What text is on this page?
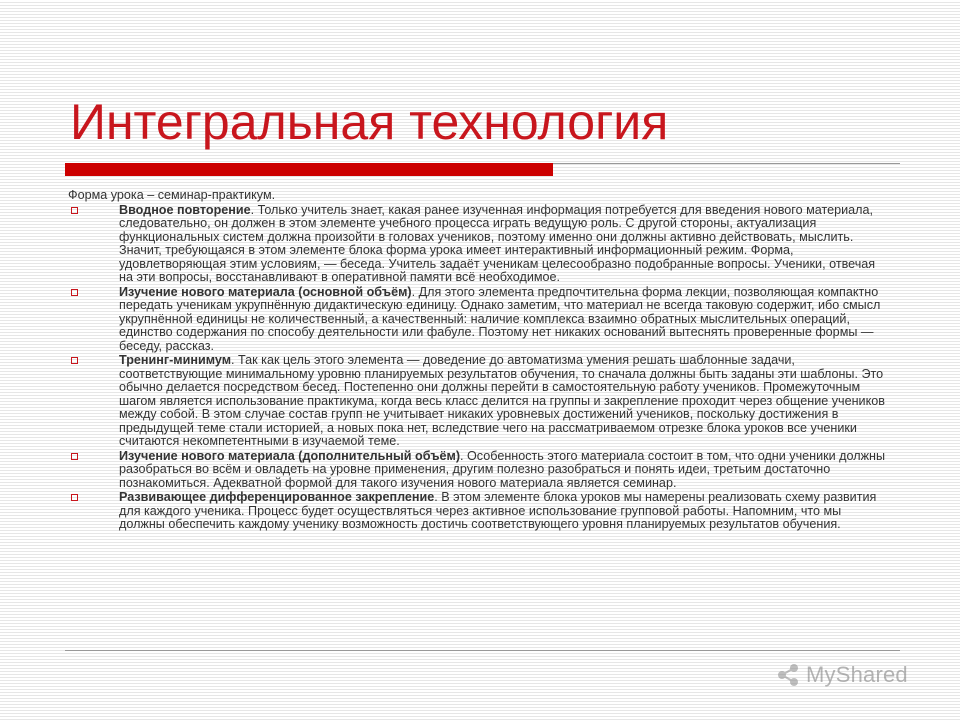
Интегральная технология

Форма урока – семинар-практикум.

Вводное повторение. Только учитель знает, какая ранее изученная информация потребуется для введения нового материала, следовательно, он должен в этом элементе учебного процесса играть ведущую роль. С другой стороны, актуализация функциональных систем должна произойти в головах учеников, поэтому именно они должны активно действовать, мыслить. Значит, требующаяся в этом элементе блока форма урока имеет интерактивный информационный режим. Форма, удовлетворяющая этим условиям, — беседа. Учитель задаёт ученикам целесообразно подобранные вопросы. Ученики, отвечая на эти вопросы, восстанавливают в оперативной памяти всё необходимое.
Изучение нового материала (основной объём). Для этого элемента предпочтительна форма лекции, позволяющая компактно передать ученикам укрупнённую дидактическую единицу. Однако заметим, что материал не всегда таковую содержит, ибо смысл укрупнённой единицы не количественный, а качественный: наличие комплекса взаимно обратных мыслительных операций, единство содержания по способу деятельности или фабуле. Поэтому нет никаких оснований вытеснять проверенные формы — беседу, рассказ.
Тренинг-минимум. Так как цель этого элемента — доведение до автоматизма умения решать шаблонные задачи, соответствующие минимальному уровню планируемых результатов обучения, то сначала должны быть заданы эти шаблоны. Это обычно делается посредством бесед. Постепенно они должны перейти в самостоятельную работу учеников. Промежуточным шагом является использование практикума, когда весь класс делится на группы и закрепление проходит через общение учеников между собой. В этом случае состав групп не учитывает никаких уровневых достижений учеников, поскольку достижения в предыдущей теме стали историей, а новых пока нет, вследствие чего на рассматриваемом отрезке блока уроков все ученики считаются некомпетентными в изучаемой теме.
Изучение нового материала (дополнительный объём). Особенность этого материала состоит в том, что одни ученики должны разобраться во всём и овладеть на уровне применения, другим полезно разобраться и понять идеи, третьим достаточно познакомиться. Адекватной формой для такого изучения нового материала является семинар.
Развивающее дифференцированное закрепление. В этом элементе блока уроков мы намерены реализовать схему развития для каждого ученика. Процесс будет осуществляться через активное использование групповой работы. Напомним, что мы должны обеспечить каждому ученику возможность достичь соответствующего уровня планируемых результатов обучения.
MyShared
